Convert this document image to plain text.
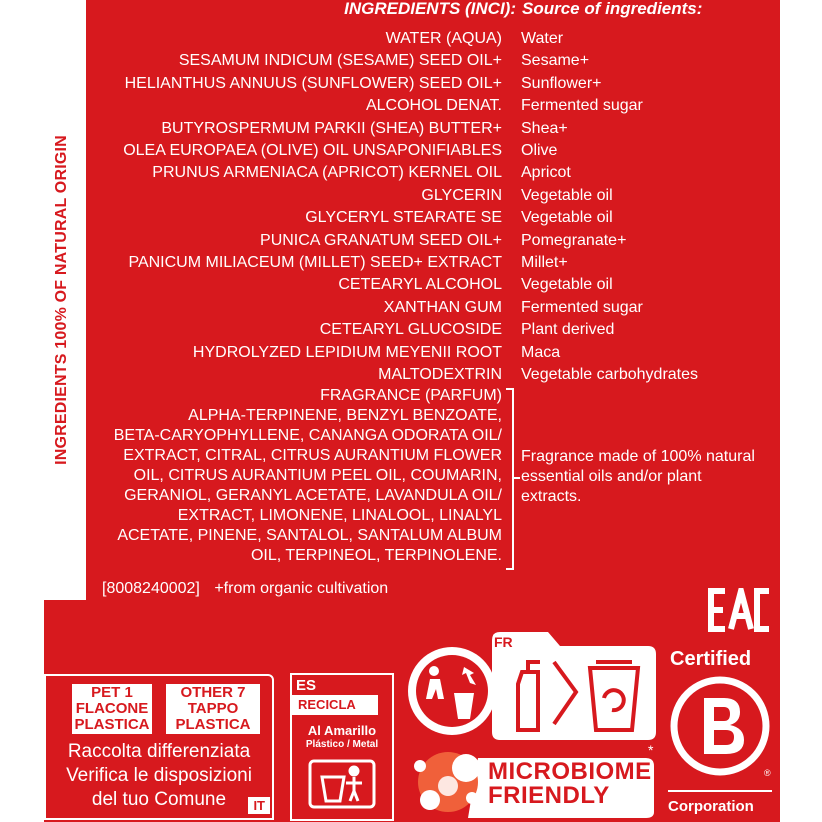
INGREDIENTS 100% OF NATURAL ORIGIN
INGREDIENTS (INCI): Source of ingredients:
WATER (AQUA) Water
SESAMUM INDICUM (SESAME) SEED OIL+ Sesame+
HELIANTHUS ANNUUS (SUNFLOWER) SEED OIL+ Sunflower+
ALCOHOL DENAT. Fermented sugar
BUTYROSPERMUM PARKII (SHEA) BUTTER+ Shea+
OLEA EUROPAEA (OLIVE) OIL UNSAPONIFIABLES Olive
PRUNUS ARMENIACA (APRICOT) KERNEL OIL Apricot
GLYCERIN Vegetable oil
GLYCERYL STEARATE SE Vegetable oil
PUNICA GRANATUM SEED OIL+ Pomegranate+
PANICUM MILIACEUM (MILLET) SEED+ EXTRACT Millet+
CETEARYL ALCOHOL Vegetable oil
XANTHAN GUM Fermented sugar
CETEARYL GLUCOSIDE Plant derived
HYDROLYZED LEPIDIUM MEYENII ROOT Maca
MALTODEXTRIN Vegetable carbohydrates
FRAGRANCE (PARFUM)
ALPHA-TERPINENE, BENZYL BENZOATE,
BETA-CARYOPHYLLENE, CANANGA ODORATA OIL/
EXTRACT, CITRAL, CITRUS AURANTIUM FLOWER
OIL, CITRUS AURANTIUM PEEL OIL, COUMARIN,
GERANIOL, GERANYL ACETATE, LAVANDULA OIL/
EXTRACT, LIMONENE, LINALOOL, LINALYL
ACETATE, PINENE, SANTALOL, SANTALUM ALBUM
OIL, TERPINEOL, TERPINOLENE.
Fragrance made of 100% natural
essential oils and/or plant
extracts.
[8008240002] +from organic cultivation
PET 1
FLACONE
PLASTICA
OTHER 7
TAPPO
PLASTICA
Raccolta differenziata
Verifica le disposizioni
del tuo Comune	IT
ES
RECICLA
Al Amarillo
Plástico / Metal
FR
MICROBIOME
FRIENDLY
*
Certified
®
Corporation
